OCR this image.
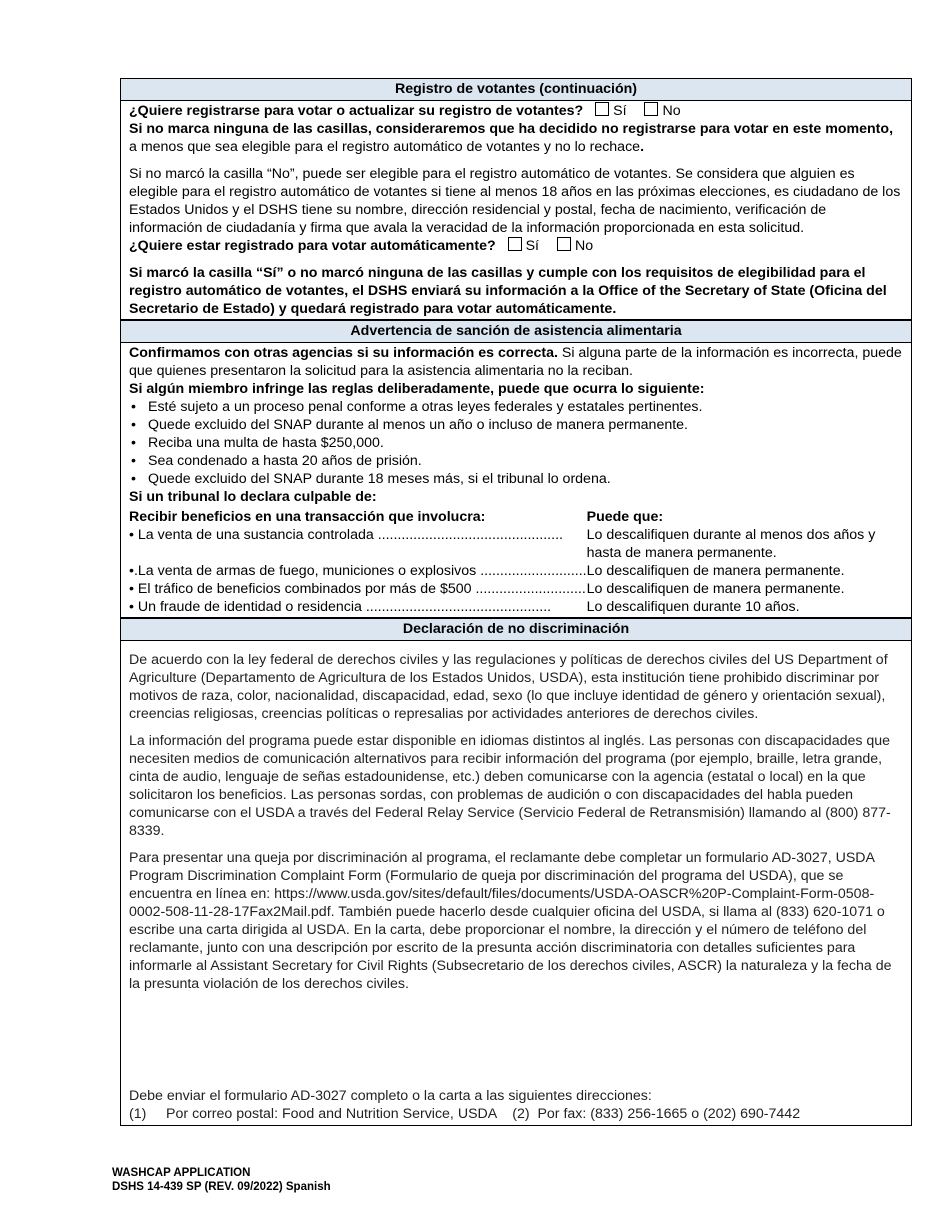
Registro de votantes (continuación)

¿Quiere registrarse para votar o actualizar su registro de votantes? Sí	No

Si no marca ninguna de las casillas, consideraremos que ha decidido no registrarse para votar en este momento, a menos que sea elegible para el registro automático de votantes y no lo rechace.

Si no marcó la casilla “No”, puede ser elegible para el registro automático de votantes. Se considera que alguien es elegible para el registro automático de votantes si tiene al menos 18 años en las próximas elecciones, es ciudadano de los Estados Unidos y el DSHS tiene su nombre, dirección residencial y postal, fecha de nacimiento, verificación de información de ciudadanía y firma que avala la veracidad de la información proporcionada en esta solicitud.

¿Quiere estar registrado para votar automáticamente? Sí	No

Si marcó la casilla “Sí” o no marcó ninguna de las casillas y cumple con los requisitos de elegibilidad para el registro automático de votantes, el DSHS enviará su información a la Office of the Secretary of State (Oficina del Secretario de Estado) y quedará registrado para votar automáticamente.

Advertencia de sanción de asistencia alimentaria

Confirmamos con otras agencias si su información es correcta. Si alguna parte de la información es incorrecta, puede que quienes presentaron la solicitud para la asistencia alimentaria no la reciban.

Si algún miembro infringe las reglas deliberadamente, puede que ocurra lo siguiente:

• Esté sujeto a un proceso penal conforme a otras leyes federales y estatales pertinentes.
• Quede excluido del SNAP durante al menos un año o incluso de manera permanente.
• Reciba una multa de hasta $250,000.
• Sea condenado a hasta 20 años de prisión.
• Quede excluido del SNAP durante 18 meses más, si el tribunal lo ordena.

Si un tribunal lo declara culpable de:

Recibir beneficios en una transacción que involucra:	Puede que:
• La venta de una sustancia controlada ...............................................	Lo descalifiquen durante al menos dos años y hasta de manera permanente.
•.La venta de armas de fuego, municiones o explosivos ...........................	Lo descalifiquen de manera permanente.
• El tráfico de beneficios combinados por más de $500 ............................	Lo descalifiquen de manera permanente.
• Un fraude de identidad o residencia ...............................................	Lo descalifiquen durante 10 años.
Declaración de no discriminación

De acuerdo con la ley federal de derechos civiles y las regulaciones y políticas de derechos civiles del US Department of Agriculture (Departamento de Agricultura de los Estados Unidos, USDA), esta institución tiene prohibido discriminar por motivos de raza, color, nacionalidad, discapacidad, edad, sexo (lo que incluye identidad de género y orientación sexual), creencias religiosas, creencias políticas o represalias por actividades anteriores de derechos civiles.

La información del programa puede estar disponible en idiomas distintos al inglés. Las personas con discapacidades que necesiten medios de comunicación alternativos para recibir información del programa (por ejemplo, braille, letra grande, cinta de audio, lenguaje de señas estadounidense, etc.) deben comunicarse con la agencia (estatal o local) en la que solicitaron los beneficios. Las personas sordas, con problemas de audición o con discapacidades del habla pueden comunicarse con el USDA a través del Federal Relay Service (Servicio Federal de Retransmisión) llamando al (800) 877-8339.

Para presentar una queja por discriminación al programa, el reclamante debe completar un formulario AD-3027, USDA Program Discrimination Complaint Form (Formulario de queja por discriminación del programa del USDA), que se encuentra en línea en: https://www.usda.gov/sites/default/files/documents/USDA-OASCR%20P-Complaint-Form-0508-0002-508-11-28-17Fax2Mail.pdf. También puede hacerlo desde cualquier oficina del USDA, si llama al (833) 620-1071 o escribe una carta dirigida al USDA. En la carta, debe proporcionar el nombre, la dirección y el número de teléfono del reclamante, junto con una descripción por escrito de la presunta acción discriminatoria con detalles suficientes para informarle al Assistant Secretary for Civil Rights (Subsecretario de los derechos civiles, ASCR) la naturaleza y la fecha de la presunta violación de los derechos civiles.

Debe enviar el formulario AD-3027 completo o la carta a las siguientes direcciones:

(1)     Por correo postal: Food and Nutrition Service, USDA    (2)  Por fax: (833) 256-1665 o (202) 690-7442

WASHCAP APPLICATION
DSHS 14-439 SP (REV. 09/2022) Spanish
